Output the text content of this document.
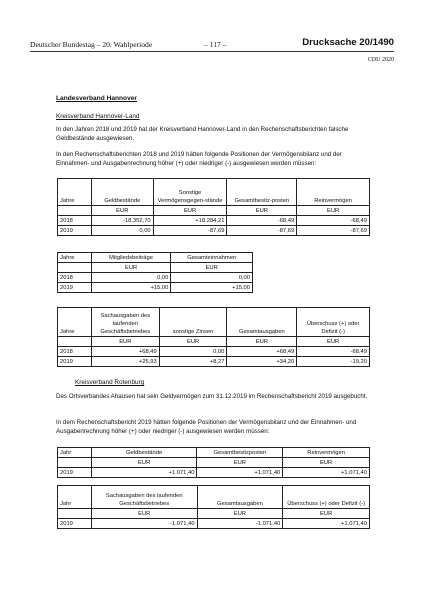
Deutscher Bundestag – 20. Wahlperiode	– 117 –	Drucksache 20/1490
CDU 2020
Landesverband Hannover
Kreisverband Hannover-Land
In den Jahren 2018 und 2019 hat der Kreisverband Hannover-Land in den Rechenschaftsberichten falsche Geldbestände ausgewiesen.
In den Rechenschaftsberichten 2018 und 2019 hätten folgende Positionen der Vermögensbilanz und der Einnahmen- und Ausgabenrechnung höher (+) oder niedriger (-) ausgewiesen werden müssen:
Jahre	Geldbestände	Sonstige Vermögensgegen-stände	Gesamtbesitz-posten	Reinvermögen
	EUR	EUR	EUR	EUR
2018	-18.352,70	+18.284,21	-68,49	-68,49
2019	0,00	-87,69	-87,69	-87,69
Jahre	Mitgliedsbeiträge	Gesamteinnahmen
	EUR	EUR
2018	0,00	0,00
2019	+15,00	+15,00
Jahre	Sachausgaben des laufenden Geschäftsbetriebes	sonstige Zinsen	Gesamtausgaben	Überschuss (+) oder Defizit (-)
	EUR	EUR	EUR	EUR
2018	+68,49	0,00	+68,49	-68,49
2019	+25,93	+8,27	+34,20	-19,20
Kreisverband Rotenburg
Des Ortsverbandes Ahausen hat sein Geldvermögen zum 31.12.2019 im Rechenschaftsbericht 2019 ausgebucht.
In dem Rechenschaftsbericht 2019 hätten folgende Positionen der Vermögensbilanz und der Einnahmen- und Ausgabenrechnung höher (+) oder niedriger (-) ausgewiesen werden müssen:
Jahr	Geldbestände	Gesamtbesitzposten	Reinvermögen
	EUR	EUR	EUR
2019	+1.071,40	+1.071,40	+1.071,40
Jahr	Sachausgaben des laufenden Geschäftsbetriebes	Gesamtausgaben	Überschuss (+) oder Defizit (-)
	EUR	EUR	EUR
2019	-1.071,40	-1.071,40	+1.071,40
